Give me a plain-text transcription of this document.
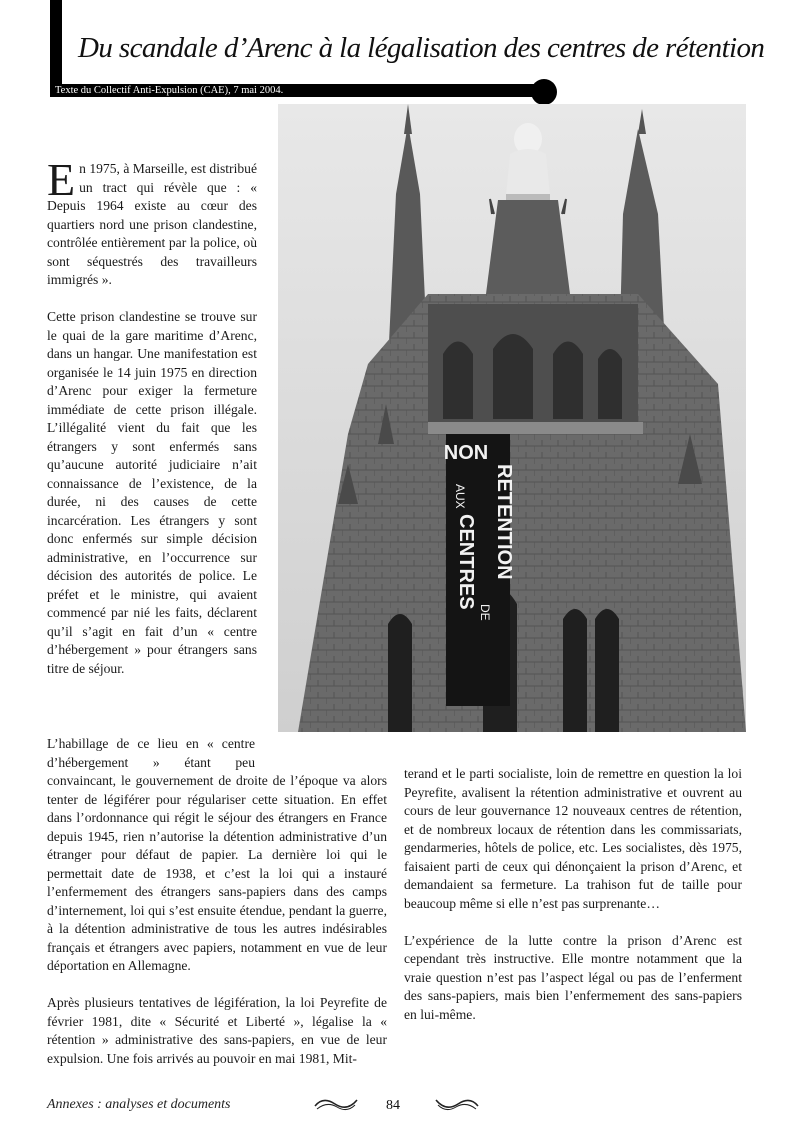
Du scandale d’Arenc à la légalisation des centres de rétention
Texte du Collectif Anti-Expulsion (CAE), 7 mai 2004.

En 1975, à Marseille, est distribué un tract qui révèle que : « Depuis 1964 existe au cœur des quartiers nord une prison clandestine, contrôlée entièrement par la police, où sont séquestrés des travailleurs immigrés ».

Cette prison clandestine se trouve sur le quai de la gare maritime d’Arenc, dans un hangar. Une manifestation est organisée le 14 juin 1975 en direction d’Arenc pour exiger la fermeture immédiate de cette prison illégale. L’illégalité vient du fait que les étrangers y sont enfermés sans qu’aucune autorité judiciaire n’ait connaissance de l’existence, de la durée, ni des causes de cette incarcération. Les étrangers y sont donc enfermés sur simple décision administrative, en l’occurrence sur décision des autorités de police. Le préfet et le ministre, qui avaient commencé par nié les faits, déclarent qu’il s’agit en fait d’un « centre d’hébergement » pour étrangers sans titre de séjour.

L’habillage de ce lieu en « centre d’hébergement » étant peu convaincant, le gouvernement de droite de l’époque va alors tenter de légiférer pour régulariser cette situation. En effet dans l’ordonnance qui régit le séjour des étrangers en France depuis 1945, rien n’autorise la détention administrative d’un étranger pour défaut de papier. La dernière loi qui le permettait date de 1938, et c’est la loi qui a instauré l’enfermement des étrangers sans-papiers dans des camps d’internement, loi qui s’est ensuite étendue, pendant la guerre, à la détention administrative de tous les autres indésirables français et étrangers avec papiers, notamment en vue de leur déportation en Allemagne.

Après plusieurs tentatives de légifération, la loi Peyrefite de février 1981, dite « Sécurité et Liberté », légalise la « rétention » administrative des sans-papiers, en vue de leur expulsion. Une fois arrivés au pouvoir en mai 1981, Mit-

terand et le parti socialiste, loin de remettre en question la loi Peyrefite, avalisent la rétention administrative et ouvrent au cours de leur gouvernance 12 nouveaux centres de rétention, et de nombreux locaux de rétention dans les commissariats, gendarmeries, hôtels de police, etc. Les socialistes, dès 1975, faisaient parti de ceux qui dénonçaient la prison d’Arenc, et demandaient sa fermeture. La trahison fut de taille pour beaucoup même si elle n’est pas surprenante…

L’expérience de la lutte contre la prison d’Arenc est cependant très instructive. Elle montre notamment que la vraie question n’est pas l’aspect légal ou pas de l’enferment des sans-papiers, mais bien l’enfermement des sans-papiers en lui-même.

NON
RETENTION
AUX
CENTRES
DE
Annexes : analyses et documents	84
